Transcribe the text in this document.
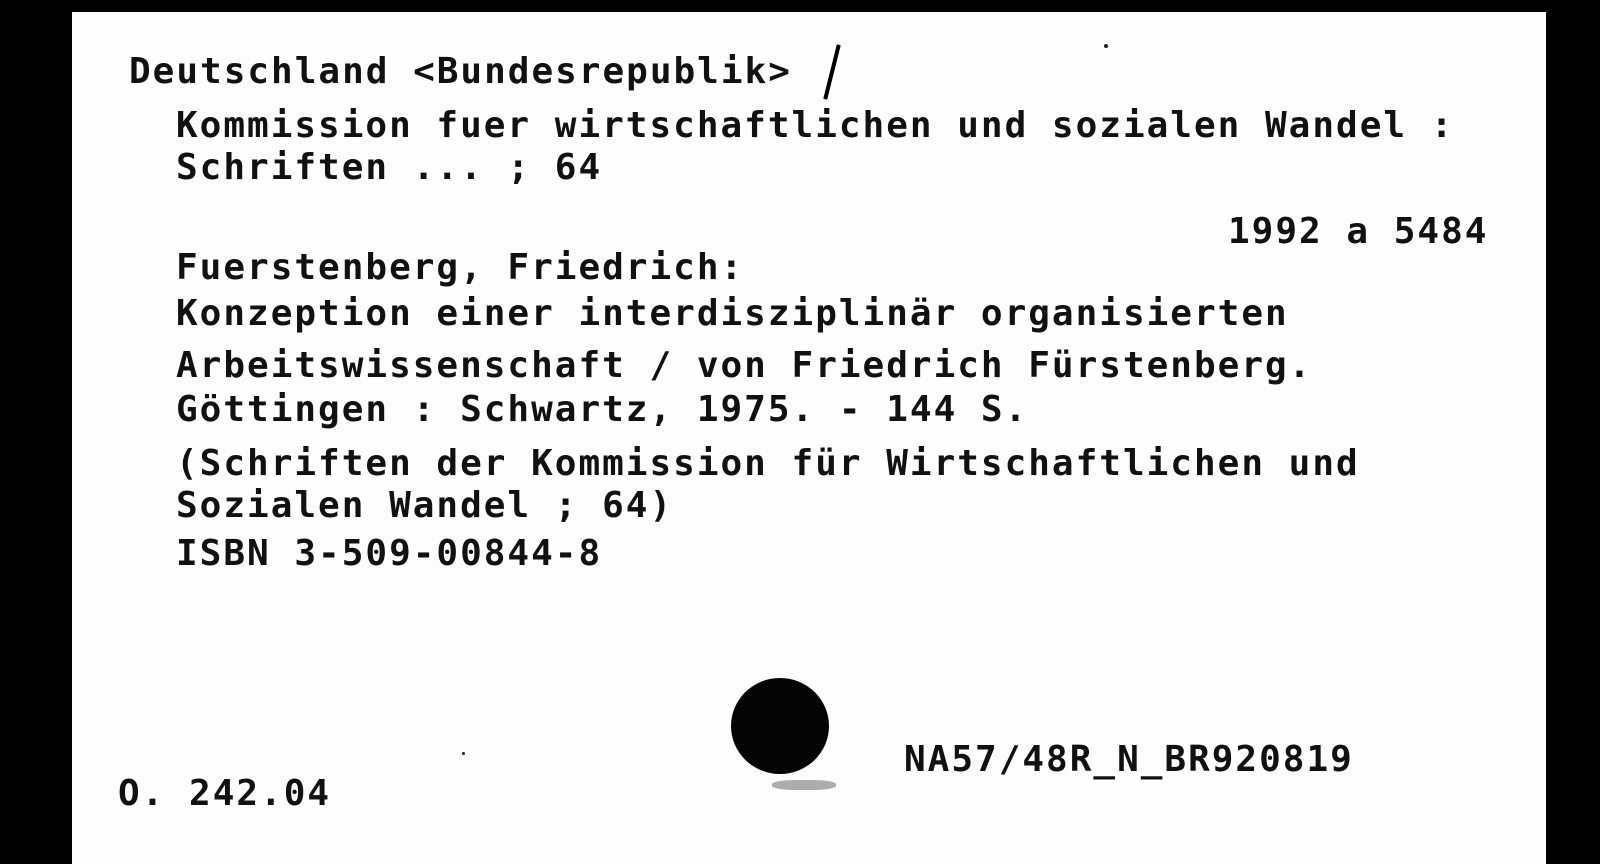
Deutschland <Bundesrepublik>
Kommission fuer wirtschaftlichen und sozialen Wandel :
Schriften ... ; 64
1992 a 5484
Fuerstenberg, Friedrich:
Konzeption einer interdisziplinär organisierten
Arbeitswissenschaft / von Friedrich Fürstenberg.
Göttingen : Schwartz, 1975. - 144 S.
(Schriften der Kommission für Wirtschaftlichen und
Sozialen Wandel ; 64)
ISBN 3-509-00844-8
O. 242.04
NA57/48R_N_BR920819
